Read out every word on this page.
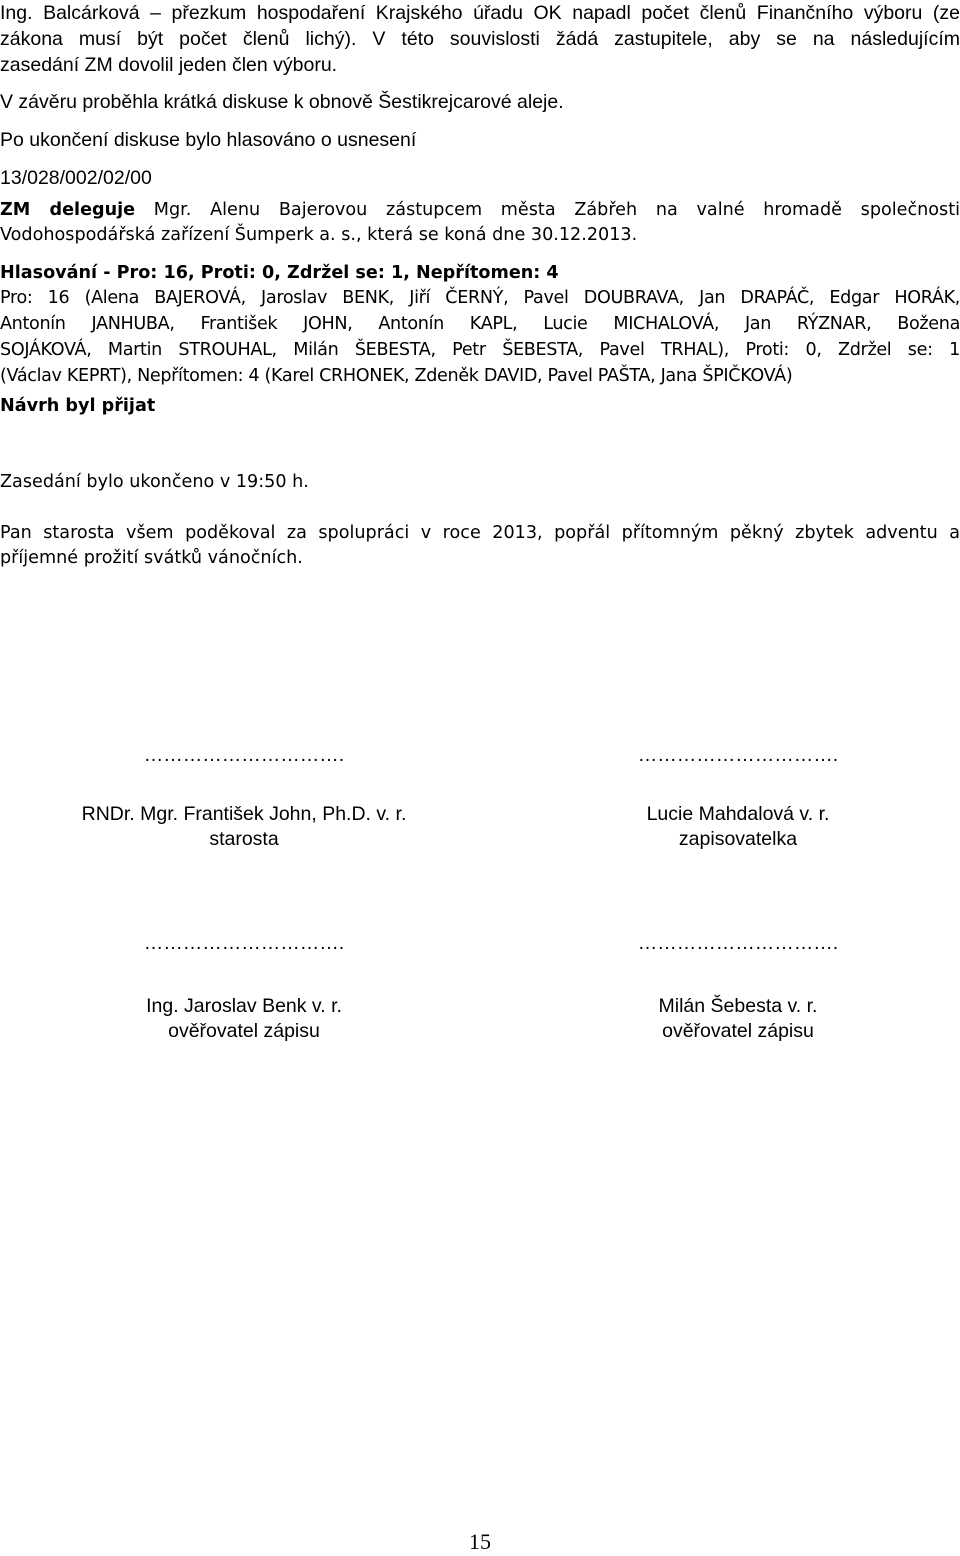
Ing. Balcárková – přezkum hospodaření Krajského úřadu OK napadl počet členů Finančního výboru (ze

zákona musí být počet členů lichý). V této souvislosti žádá zastupitele, aby se na následujícím

zasedání ZM dovolil jeden člen výboru.

V závěru proběhla krátká diskuse k obnově Šestikrejcarové aleje.

Po ukončení diskuse bylo hlasováno o usnesení

13/028/002/02/00

ZM deleguje Mgr. Alenu Bajerovou zástupcem města Zábřeh na valné hromadě společnosti

Vodohospodářská zařízení Šumperk a. s., která se koná dne 30.12.2013.

Hlasování - Pro: 16, Proti: 0, Zdržel se: 1, Nepřítomen: 4

Pro: 16 (Alena BAJEROVÁ, Jaroslav BENK, Jiří ČERNÝ, Pavel DOUBRAVA, Jan DRAPÁČ, Edgar HORÁK,

Antonín JANHUBA, František JOHN, Antonín KAPL, Lucie MICHALOVÁ, Jan RÝZNAR, Božena

SOJÁKOVÁ, Martin STROUHAL, Milán ŠEBESTA, Petr ŠEBESTA, Pavel TRHAL), Proti: 0, Zdržel se: 1

(Václav KEPRT), Nepřítomen: 4 (Karel CRHONEK, Zdeněk DAVID, Pavel PAŠTA, Jana ŠPIČKOVÁ)

Návrh byl přijat

Zasedání bylo ukončeno v 19:50 h.

Pan starosta všem poděkoval za spolupráci v roce 2013, popřál přítomným pěkný zbytek adventu a

příjemné prožití svátků vánočních.

………………………….
RNDr. Mgr. František John, Ph.D. v. r.
starosta
………………………….
Lucie Mahdalová v. r.
zapisovatelka
………………………….
Ing. Jaroslav Benk v. r.
ověřovatel zápisu
………………………….
Milán Šebesta v. r.
ověřovatel zápisu
15
